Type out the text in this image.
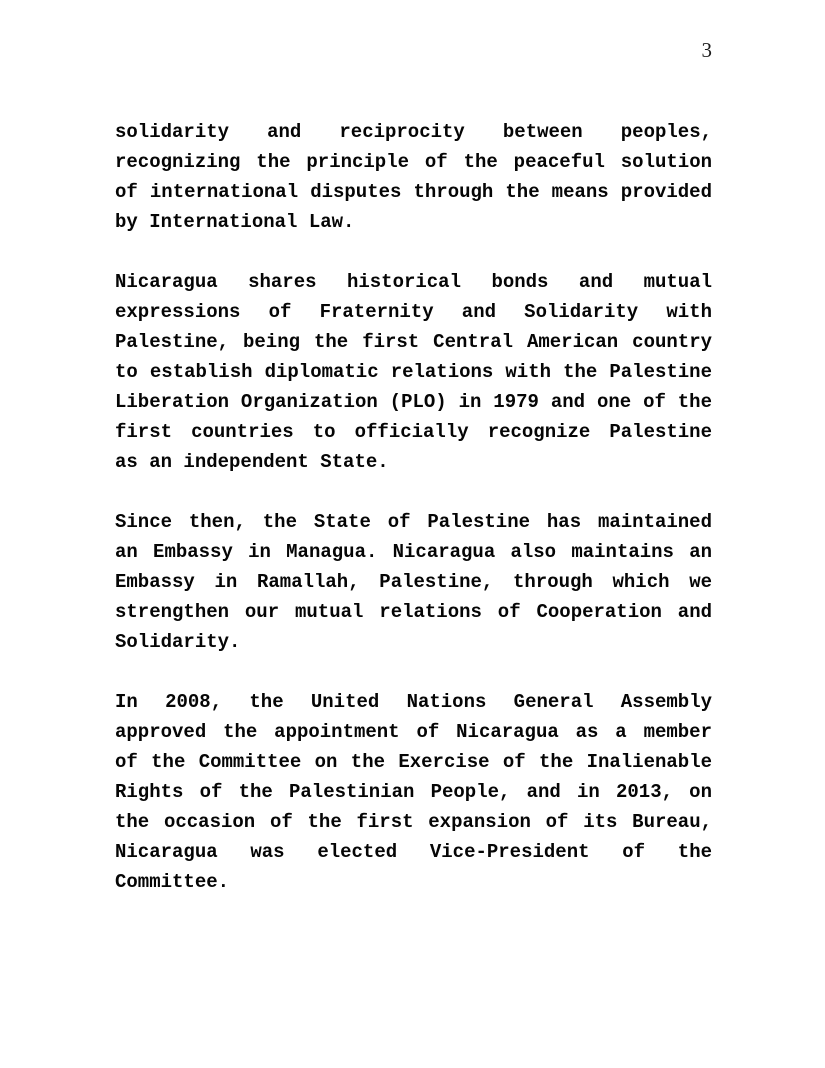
3

solidarity and reciprocity between peoples,
recognizing the principle of the peaceful solution
of international disputes through the means provided
by International Law.

Nicaragua shares historical bonds and mutual
expressions of Fraternity and Solidarity with
Palestine, being the first Central American country
to establish diplomatic relations with the Palestine
Liberation Organization (PLO) in 1979 and one of the
first countries to officially recognize Palestine
as an independent State.

Since then, the State of Palestine has maintained
an Embassy in Managua. Nicaragua also maintains an
Embassy in Ramallah, Palestine, through which we
strengthen our mutual relations of Cooperation and
Solidarity.

In 2008, the United Nations General Assembly
approved the appointment of Nicaragua as a member
of the Committee on the Exercise of the Inalienable
Rights of the Palestinian People, and in 2013, on
the occasion of the first expansion of its Bureau,
Nicaragua was elected Vice-President of the
Committee.
